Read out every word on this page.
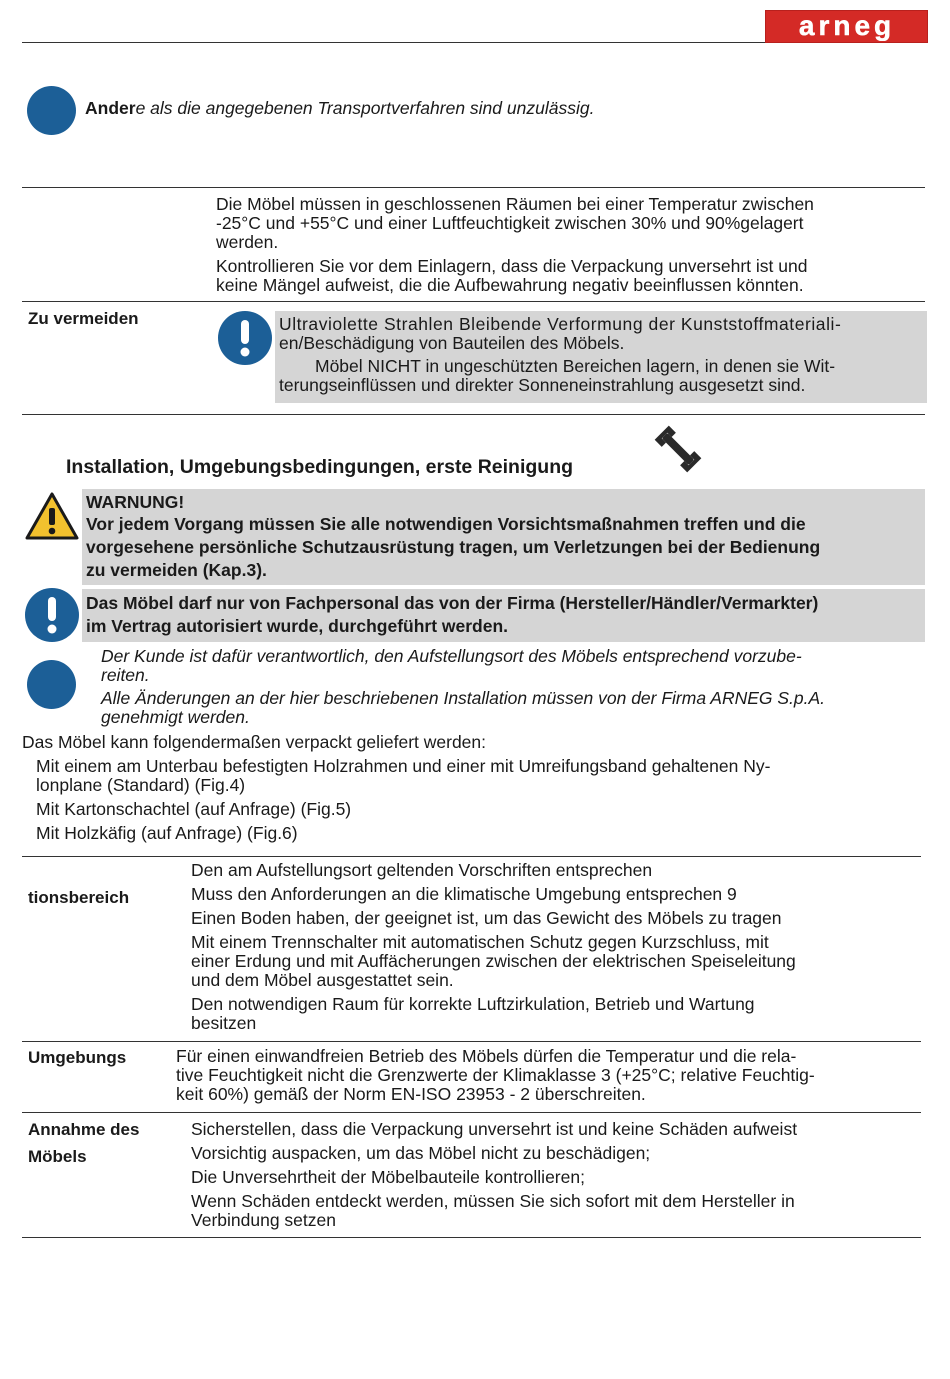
arneg
Andere als die angegebenen Transportverfahren sind unzulässig.
Die Möbel müssen in geschlossenen Räumen bei einer Temperatur zwischen
-25°C und +55°C und einer Luftfeuchtigkeit zwischen 30% und 90%gelagert
werden.
Kontrollieren Sie vor dem Einlagern, dass die Verpackung unversehrt ist und
keine Mängel aufweist, die die Aufbewahrung negativ beeinflussen könnten.
Zu vermeiden	Ultraviolette Strahlen Bleibende Verformung der Kunststoffmateriali-
en/Beschädigung von Bauteilen des Möbels.
Möbel NICHT in ungeschützten Bereichen lagern, in denen sie Wit-
terungseinflüssen und direkter Sonneneinstrahlung ausgesetzt sind.
Installation, Umgebungsbedingungen, erste Reinigung
WARNUNG!
Vor jedem Vorgang müssen Sie alle notwendigen Vorsichtsmaßnahmen treffen und die
vorgesehene persönliche Schutzausrüstung tragen, um Verletzungen bei der Bedienung
zu vermeiden (Kap.3).
Das Möbel darf nur von Fachpersonal das von der Firma (Hersteller/Händler/Vermarkter)
im Vertrag autorisiert wurde, durchgeführt werden.
Der Kunde ist dafür verantwortlich, den Aufstellungsort des Möbels entsprechend vorzube-
reiten.
Alle Änderungen an der hier beschriebenen Installation müssen von der Firma ARNEG S.p.A.
genehmigt werden.
Das Möbel kann folgendermaßen verpackt geliefert werden:
Mit einem am Unterbau befestigten Holzrahmen und einer mit Umreifungsband gehaltenen Ny-
lonplane (Standard) (Fig.4)
Mit Kartonschachtel (auf Anfrage) (Fig.5)
Mit Holzkäfig (auf Anfrage) (Fig.6)
tionsbereich
Den am Aufstellungsort geltenden Vorschriften entsprechen
Muss den Anforderungen an die klimatische Umgebung entsprechen 9
Einen Boden haben, der geeignet ist, um das Gewicht des Möbels zu tragen
Mit einem Trennschalter mit automatischen Schutz gegen Kurzschluss, mit
einer Erdung und mit Auffächerungen zwischen der elektrischen Speiseleitung
und dem Möbel ausgestattet sein.
Den notwendigen Raum für korrekte Luftzirkulation, Betrieb und Wartung
besitzen
Umgebungs	Für einen einwandfreien Betrieb des Möbels dürfen die Temperatur und die rela-
tive Feuchtigkeit nicht die Grenzwerte der Klimaklasse 3 (+25°C; relative Feuchtig-
keit 60%) gemäß der Norm EN-ISO 23953 - 2 überschreiten.
Annahme des
Möbels
Sicherstellen, dass die Verpackung unversehrt ist und keine Schäden aufweist
Vorsichtig auspacken, um das Möbel nicht zu beschädigen;
Die Unversehrtheit der Möbelbauteile kontrollieren;
Wenn Schäden entdeckt werden, müssen Sie sich sofort mit dem Hersteller in
Verbindung setzen
